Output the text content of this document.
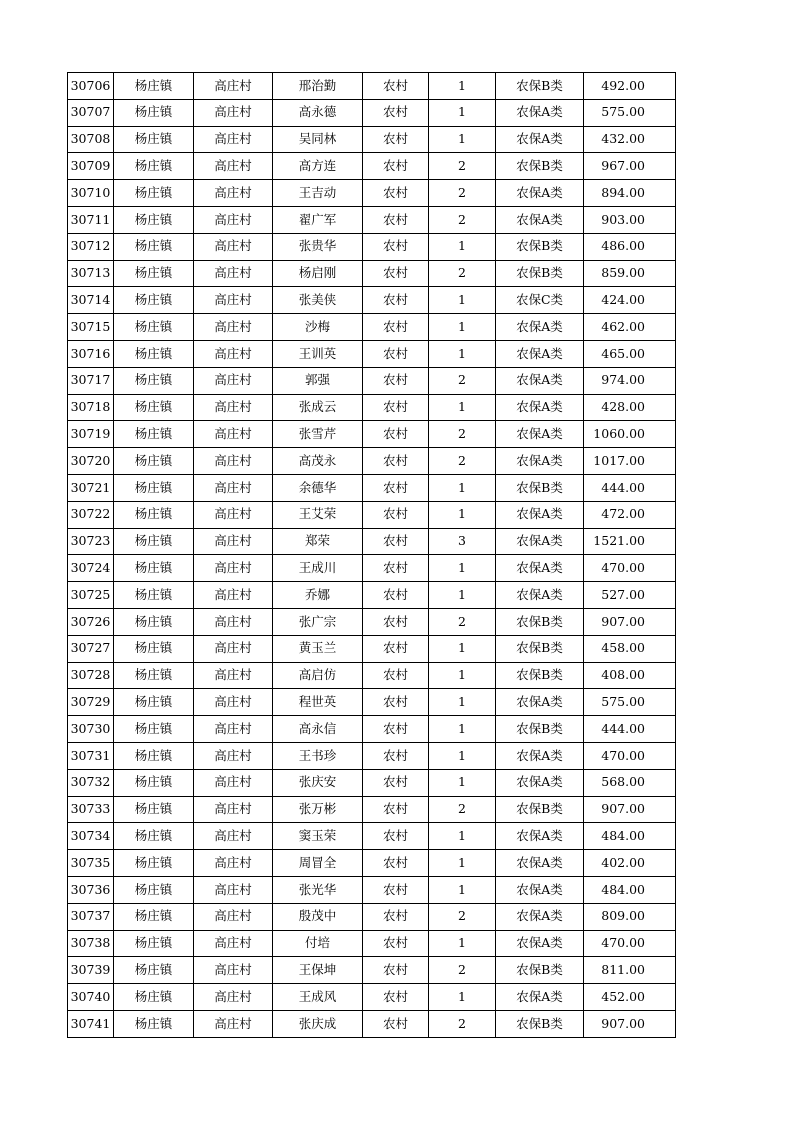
30706	杨庄镇	高庄村	邢治勤	农村	1	农保B类	492.00
30707	杨庄镇	高庄村	高永德	农村	1	农保A类	575.00
30708	杨庄镇	高庄村	吴同林	农村	1	农保A类	432.00
30709	杨庄镇	高庄村	高方连	农村	2	农保B类	967.00
30710	杨庄镇	高庄村	王吉动	农村	2	农保A类	894.00
30711	杨庄镇	高庄村	翟广军	农村	2	农保A类	903.00
30712	杨庄镇	高庄村	张贵华	农村	1	农保B类	486.00
30713	杨庄镇	高庄村	杨启刚	农村	2	农保B类	859.00
30714	杨庄镇	高庄村	张美侠	农村	1	农保C类	424.00
30715	杨庄镇	高庄村	沙梅	农村	1	农保A类	462.00
30716	杨庄镇	高庄村	王训英	农村	1	农保A类	465.00
30717	杨庄镇	高庄村	郭强	农村	2	农保A类	974.00
30718	杨庄镇	高庄村	张成云	农村	1	农保A类	428.00
30719	杨庄镇	高庄村	张雪芹	农村	2	农保A类	1060.00
30720	杨庄镇	高庄村	高茂永	农村	2	农保A类	1017.00
30721	杨庄镇	高庄村	余德华	农村	1	农保B类	444.00
30722	杨庄镇	高庄村	王艾荣	农村	1	农保A类	472.00
30723	杨庄镇	高庄村	郑荣	农村	3	农保A类	1521.00
30724	杨庄镇	高庄村	王成川	农村	1	农保A类	470.00
30725	杨庄镇	高庄村	乔娜	农村	1	农保A类	527.00
30726	杨庄镇	高庄村	张广宗	农村	2	农保B类	907.00
30727	杨庄镇	高庄村	黄玉兰	农村	1	农保B类	458.00
30728	杨庄镇	高庄村	高启仿	农村	1	农保B类	408.00
30729	杨庄镇	高庄村	程世英	农村	1	农保A类	575.00
30730	杨庄镇	高庄村	高永信	农村	1	农保B类	444.00
30731	杨庄镇	高庄村	王书珍	农村	1	农保A类	470.00
30732	杨庄镇	高庄村	张庆安	农村	1	农保A类	568.00
30733	杨庄镇	高庄村	张万彬	农村	2	农保B类	907.00
30734	杨庄镇	高庄村	窦玉荣	农村	1	农保A类	484.00
30735	杨庄镇	高庄村	周冒全	农村	1	农保A类	402.00
30736	杨庄镇	高庄村	张光华	农村	1	农保A类	484.00
30737	杨庄镇	高庄村	殷茂中	农村	2	农保A类	809.00
30738	杨庄镇	高庄村	付培	农村	1	农保A类	470.00
30739	杨庄镇	高庄村	王保坤	农村	2	农保B类	811.00
30740	杨庄镇	高庄村	王成风	农村	1	农保A类	452.00
30741	杨庄镇	高庄村	张庆成	农村	2	农保B类	907.00
